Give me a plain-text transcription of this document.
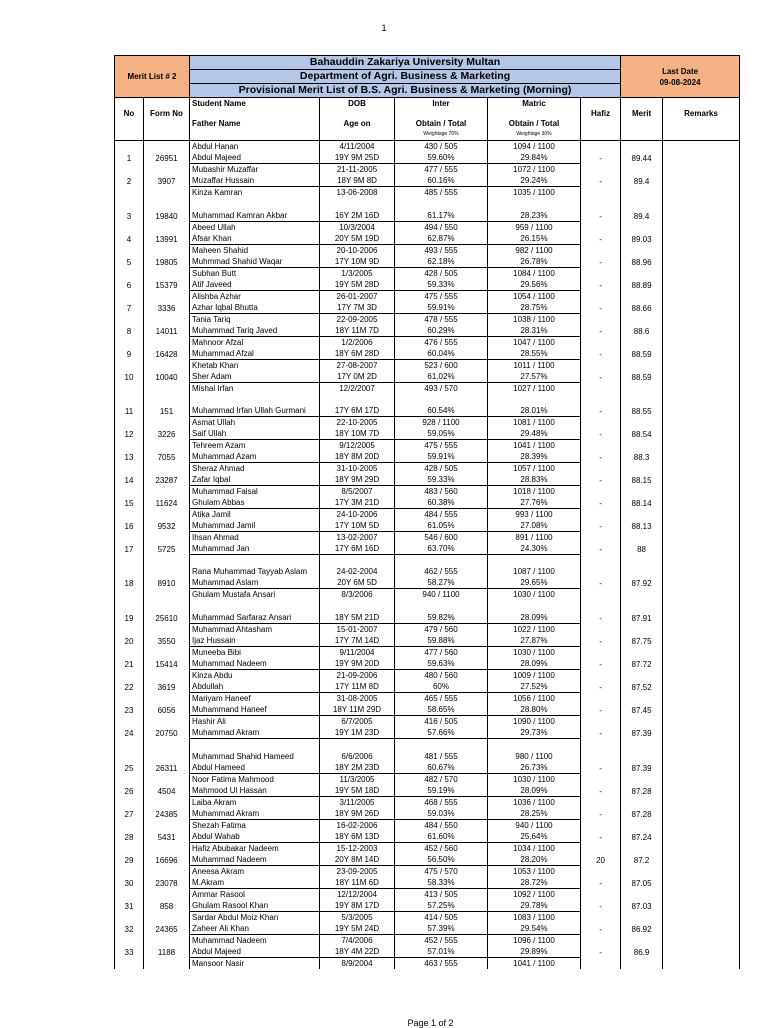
1
Merit List # 2		Bahauddin Zakariya University Multan					Last Date
09-08-2024	

		Department of Agri. Business & Marketing						
		Provisional Merit List of B.S. Agri. Business & Marketing (Morning)						
No	Form No	Student Name	DOB	Inter	Matric	Hafiz	Merit	Remarks
		Father Name	Age on	Obtain / Total	Obtain / Total			
				Weightage 70%	Weightage 30%			
1	26951	Abdul Hanan	4/11/2004	430 / 505	1094 / 1100	-	89.44	
		Abdul Majeed	19Y 9M 25D	59.60%	29.84%			
2	3907	Mubashir Muzaffar	21-11-2005	477 / 555	1072 / 1100	-	89.4	
		Muzaffar Hussain	18Y 9M 8D	60.16%	29.24%			
3	19840	Kinza Kamran	13-06-2008	485 / 555	1035 / 1100	-	89.4	
		Muhammad Kamran Akbar	16Y 2M 16D	61.17%	28.23%			
4	13991	Abeed Ullah	10/3/2004	494 / 550	959 / 1100	-	89.03	
		Afsar Khan	20Y 5M 19D	62.87%	26.15%			
5	19805	Maheen Shahid	20-10-2006	493 / 555	982 / 1100	-	88.96	
		Muhmmad Shahid Waqar	17Y 10M 9D	62.18%	26.78%			
6	15379	Subhan Butt	1/3/2005	428 / 505	1084 / 1100	-	88.89	
		Atif Javeed	19Y 5M 28D	59.33%	29.56%			
7	3336	Alishba Azhar	26-01-2007	475 / 555	1054 / 1100	-	88.66	
		Azhar Iqbal Bhutta	17Y 7M 3D	59.91%	28.75%			
8	14011	Tania Tariq	22-09-2005	478 / 555	1038 / 1100	-	88.6	
		Muhammad Tariq Javed	18Y 11M 7D	60.29%	28.31%			
9	16428	Mahnoor Afzal	1/2/2006	476 / 555	1047 / 1100	-	88.59	
		Muhammad Afzal	18Y 6M 28D	60.04%	28.55%			
10	10040	Khetab Khan	27-08-2007	523 / 600	1011 / 1100	-	88.59	
		Sher Adam	17Y 0M 2D	61.02%	27.57%			
11	151	Mishal Irfan	12/2/2007	493 / 570	1027 / 1100	-	88.55	
		Muhammad Irfan Ullah Gurmani	17Y 6M 17D	60.54%	28.01%			
12	3226	Asmat Ullah	22-10-2005	928 / 1100	1081 / 1100	-	88.54	
		Saif Ullah	18Y 10M 7D	59.05%	29.48%			
13	7055	Tehreem Azam	9/12/2005	475 / 555	1041 / 1100	-	88.3	
		Muhammad Azam	18Y 8M 20D	59.91%	28.39%			
14	23287	Sheraz Ahmad	31-10-2005	428 / 505	1057 / 1100	-	88.15	
		Zafar Iqbal	18Y 9M 29D	59.33%	28.83%			
15	11624	Muhammad Faisal	8/5/2007	483 / 560	1018 / 1100	-	88.14	
		Ghulam Abbas	17Y 3M 21D	60.38%	27.76%			
16	9532	Atika Jamil	24-10-2006	484 / 555	993 / 1100	-	88.13	
		Muhammad Jamil	17Y 10M 5D	61.05%	27.08%			
17	5725	Ihsan Ahmad	13-02-2007	546 / 600	891 / 1100	-	88	
		Muhammad Jan	17Y 6M 16D	63.70%	24.30%			
18	8910	Rana Muhammad Tayyab Aslam	24-02-2004	462 / 555	1087 / 1100	-	87.92	
		Muhammad Aslam	20Y 6M 5D	58.27%	29.65%			
19	25610	Ghulam Mustafa Ansari	8/3/2006	940 / 1100	1030 / 1100	-	87.91	
		Muhammad Sarfaraz Ansari	18Y 5M 21D	59.82%	28.09%			
20	3550	Muhammad Ahtasham	15-01-2007	479 / 560	1022 / 1100	-	87.75	
		Ijaz Hussain	17Y 7M 14D	59.88%	27.87%			
21	15414	Muneeba Bibi	9/11/2004	477 / 560	1030 / 1100	-	87.72	
		Muhammad Nadeem	19Y 9M 20D	59.63%	28.09%			
22	3619	Kinza Abdu	21-09-2006	480 / 560	1009 / 1100	-	87.52	
		Abdullah	17Y 11M 8D	60%	27.52%			
23	6056	Mariyam Haneef	31-08-2005	465 / 555	1056 / 1100	-	87.45	
		Muhammand Haneef	18Y 11M 29D	58.65%	28.80%			
24	20750	Hashir Ali	6/7/2005	416 / 505	1090 / 1100	-	87.39	
		Muhammad Akram	19Y 1M 23D	57.66%	29.73%			
25	26311	Muhammad Shahid Hameed	6/6/2006	481 / 555	980 / 1100	-	87.39	
		Abdul Hameed	18Y 2M 23D	60.67%	26.73%			
26	4504	Noor Fatima Mahmood	11/3/2005	482 / 570	1030 / 1100	-	87.28	
		Mahmood Ul Hassan	19Y 5M 18D	59.19%	28.09%			
27	24385	Laiba Akram	3/11/2005	468 / 555	1036 / 1100	-	87.28	
		Muhammad Akram	18Y 9M 26D	59.03%	28.25%			
28	5431	Shezah Fatima	16-02-2006	484 / 550	940 / 1100	-	87.24	
		Abdul Wahab	18Y 6M 13D	61.60%	25.64%			
29	16696	Hafiz Abubakar Nadeem	15-12-2003	452 / 560	1034 / 1100	20	87.2	
		Muhammad Nadeem	20Y 8M 14D	56.50%	28.20%			
30	23078	Aneesa Akram	23-09-2005	475 / 570	1053 / 1100	-	87.05	
		M.Akram	18Y 11M 6D	58.33%	28.72%			
31	858	Ammar Rasool	12/12/2004	413 / 505	1092 / 1100	-	87.03	
		Ghulam Rasool Khan	19Y 8M 17D	57.25%	29.78%			
32	24365	Sardar Abdul Moiz Khan	5/3/2005	414 / 505	1083 / 1100	-	86.92	
		Zaheer Ali Khan	19Y 5M 24D	57.39%	29.54%			
33	1188	Muhammad Nadeem	7/4/2006	452 / 555	1096 / 1100	-	86.9	
		Abdul Majeed	18Y 4M 22D	57.01%	29.89%			
		Mansoor Nasir	8/9/2004	463 / 555	1041 / 1100			
Page 1 of 2
